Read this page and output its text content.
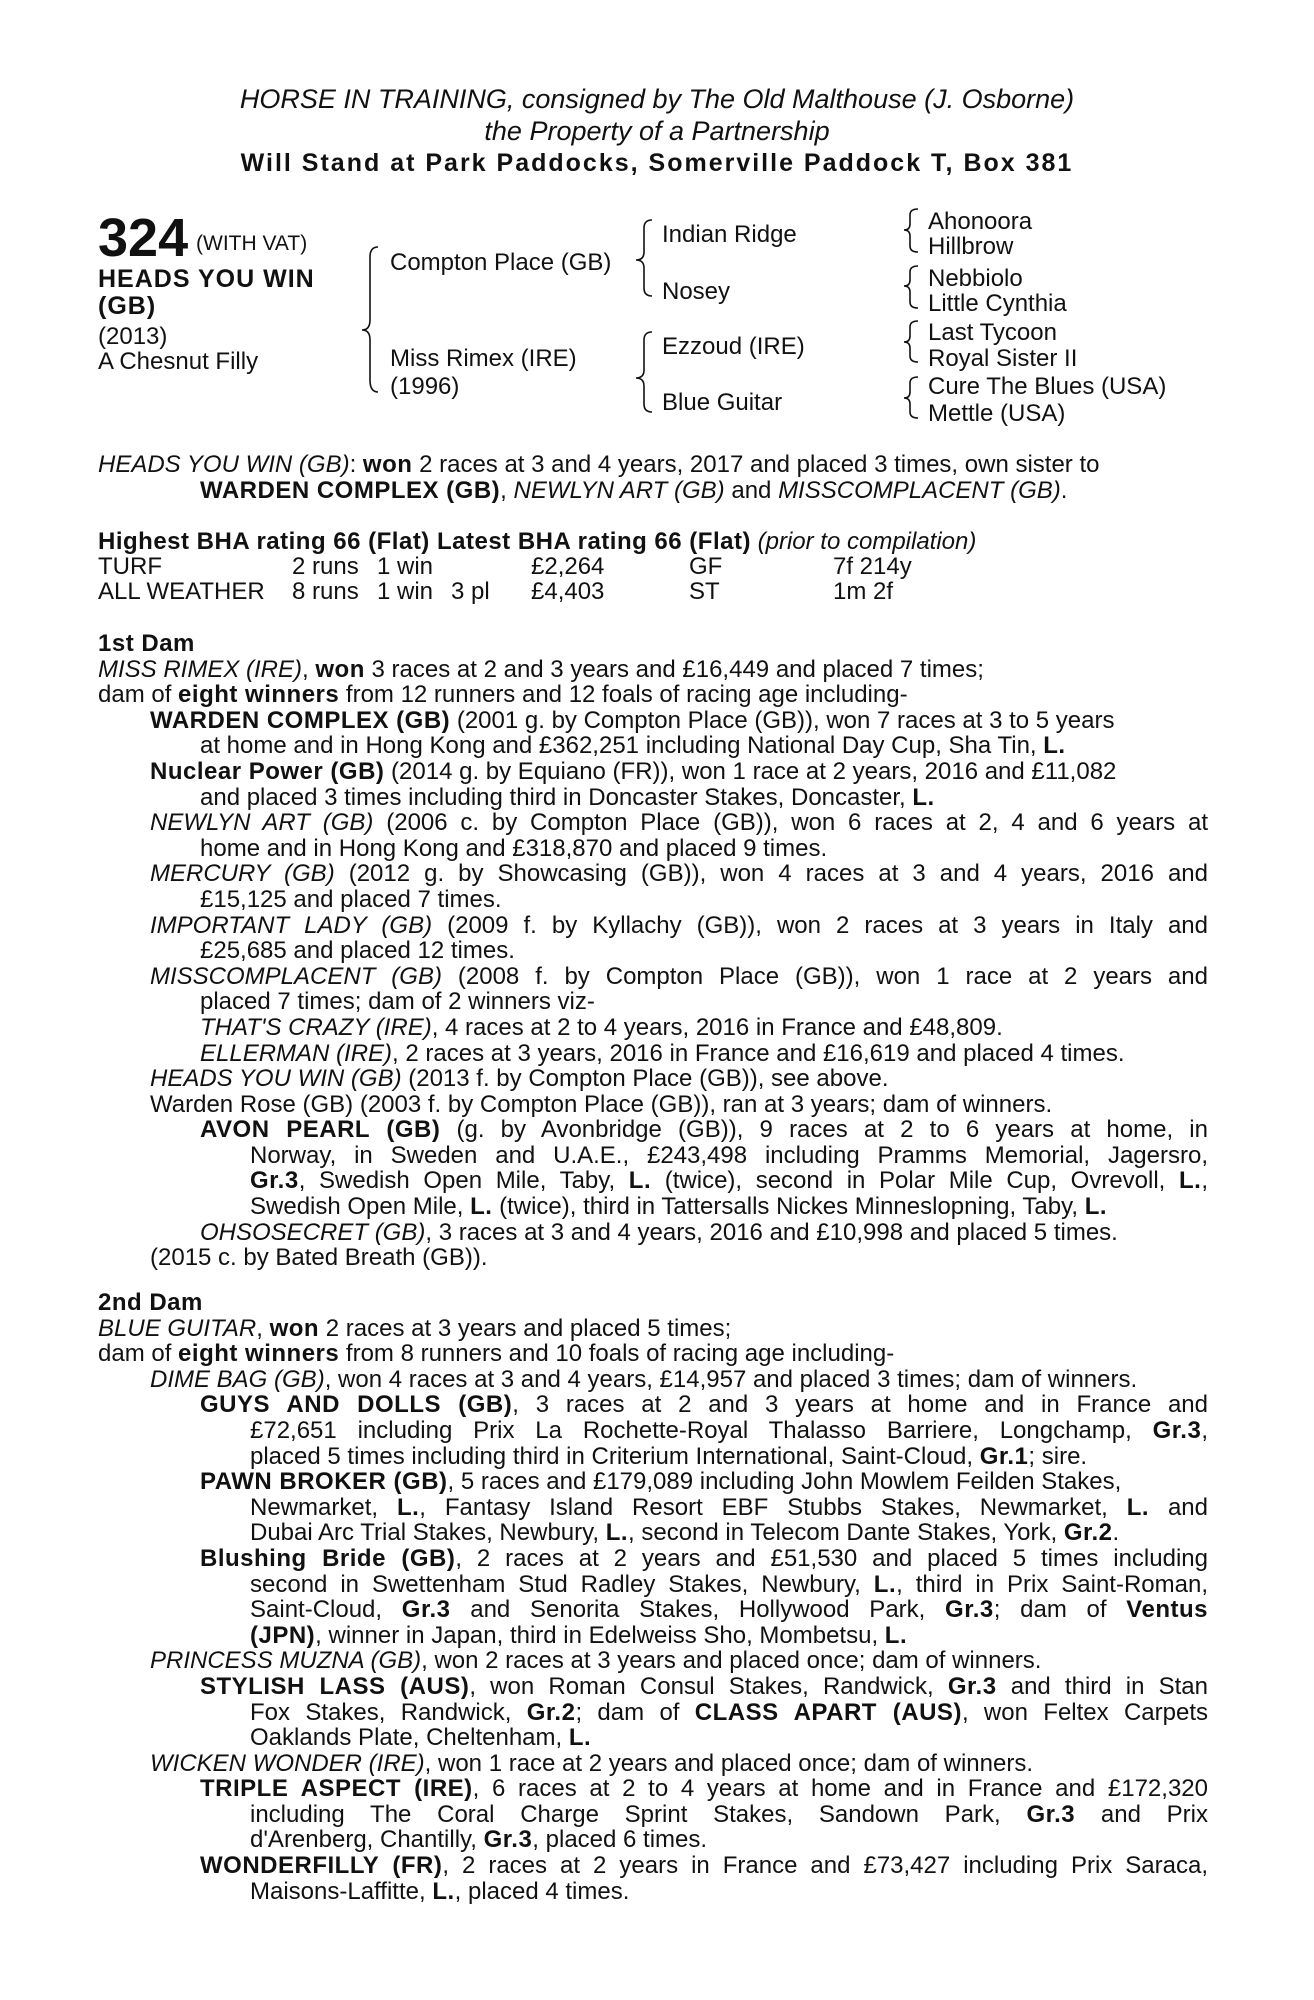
HORSE IN TRAINING, consigned by The Old Malthouse (J. Osborne)
the Property of a Partnership
Will Stand at Park Paddocks, Somerville Paddock T, Box 381
324 (WITH VAT)
HEADS YOU WIN
(GB)
(2013)
A Chesnut Filly
Compton Place (GB)
Miss Rimex (IRE)
(1996)
Indian Ridge
Nosey
Ezzoud (IRE)
Blue Guitar
Ahonoora
Hillbrow
Nebbiolo
Little Cynthia
Last Tycoon
Royal Sister II
Cure The Blues (USA)
Mettle (USA)
HEADS YOU WIN (GB): won 2 races at 3 and 4 years, 2017 and placed 3 times, own sister to
WARDEN COMPLEX (GB), NEWLYN ART (GB) and MISSCOMPLACENT (GB).
Highest BHA rating 66 (Flat) Latest BHA rating 66 (Flat) (prior to compilation)
TURF	2 runs	1 win		£2,264	GF	7f 214y
ALL WEATHER	8 runs	1 win	3 pl	£4,403	ST	1m 2f
1st Dam
MISS RIMEX (IRE), won 3 races at 2 and 3 years and £16,449 and placed 7 times;
dam of eight winners from 12 runners and 12 foals of racing age including-
WARDEN COMPLEX (GB) (2001 g. by Compton Place (GB)), won 7 races at 3 to 5 years
at home and in Hong Kong and £362,251 including National Day Cup, Sha Tin, L.
Nuclear Power (GB) (2014 g. by Equiano (FR)), won 1 race at 2 years, 2016 and £11,082
and placed 3 times including third in Doncaster Stakes, Doncaster, L.
NEWLYN ART (GB) (2006 c. by Compton Place (GB)), won 6 races at 2, 4 and 6 years at
home and in Hong Kong and £318,870 and placed 9 times.
MERCURY (GB) (2012 g. by Showcasing (GB)), won 4 races at 3 and 4 years, 2016 and
£15,125 and placed 7 times.
IMPORTANT LADY (GB) (2009 f. by Kyllachy (GB)), won 2 races at 3 years in Italy and
£25,685 and placed 12 times.
MISSCOMPLACENT (GB) (2008 f. by Compton Place (GB)), won 1 race at 2 years and
placed 7 times; dam of 2 winners viz-
THAT'S CRAZY (IRE), 4 races at 2 to 4 years, 2016 in France and £48,809.
ELLERMAN (IRE), 2 races at 3 years, 2016 in France and £16,619 and placed 4 times.
HEADS YOU WIN (GB) (2013 f. by Compton Place (GB)), see above.
Warden Rose (GB) (2003 f. by Compton Place (GB)), ran at 3 years; dam of winners.
AVON PEARL (GB) (g. by Avonbridge (GB)), 9 races at 2 to 6 years at home, in
Norway, in Sweden and U.A.E., £243,498 including Pramms Memorial, Jagersro,
Gr.3, Swedish Open Mile, Taby, L. (twice), second in Polar Mile Cup, Ovrevoll, L.,
Swedish Open Mile, L. (twice), third in Tattersalls Nickes Minneslopning, Taby, L.
OHSOSECRET (GB), 3 races at 3 and 4 years, 2016 and £10,998 and placed 5 times.
(2015 c. by Bated Breath (GB)).
2nd Dam
BLUE GUITAR, won 2 races at 3 years and placed 5 times;
dam of eight winners from 8 runners and 10 foals of racing age including-
DIME BAG (GB), won 4 races at 3 and 4 years, £14,957 and placed 3 times; dam of winners.
GUYS AND DOLLS (GB), 3 races at 2 and 3 years at home and in France and
£72,651 including Prix La Rochette-Royal Thalasso Barriere, Longchamp, Gr.3,
placed 5 times including third in Criterium International, Saint-Cloud, Gr.1; sire.
PAWN BROKER (GB), 5 races and £179,089 including John Mowlem Feilden Stakes,
Newmarket, L., Fantasy Island Resort EBF Stubbs Stakes, Newmarket, L. and
Dubai Arc Trial Stakes, Newbury, L., second in Telecom Dante Stakes, York, Gr.2.
Blushing Bride (GB), 2 races at 2 years and £51,530 and placed 5 times including
second in Swettenham Stud Radley Stakes, Newbury, L., third in Prix Saint-Roman,
Saint-Cloud, Gr.3 and Senorita Stakes, Hollywood Park, Gr.3; dam of Ventus
(JPN), winner in Japan, third in Edelweiss Sho, Mombetsu, L.
PRINCESS MUZNA (GB), won 2 races at 3 years and placed once; dam of winners.
STYLISH LASS (AUS), won Roman Consul Stakes, Randwick, Gr.3 and third in Stan
Fox Stakes, Randwick, Gr.2; dam of CLASS APART (AUS), won Feltex Carpets
Oaklands Plate, Cheltenham, L.
WICKEN WONDER (IRE), won 1 race at 2 years and placed once; dam of winners.
TRIPLE ASPECT (IRE), 6 races at 2 to 4 years at home and in France and £172,320
including The Coral Charge Sprint Stakes, Sandown Park, Gr.3 and Prix
d'Arenberg, Chantilly, Gr.3, placed 6 times.
WONDERFILLY (FR), 2 races at 2 years in France and £73,427 including Prix Saraca,
Maisons-Laffitte, L., placed 4 times.
